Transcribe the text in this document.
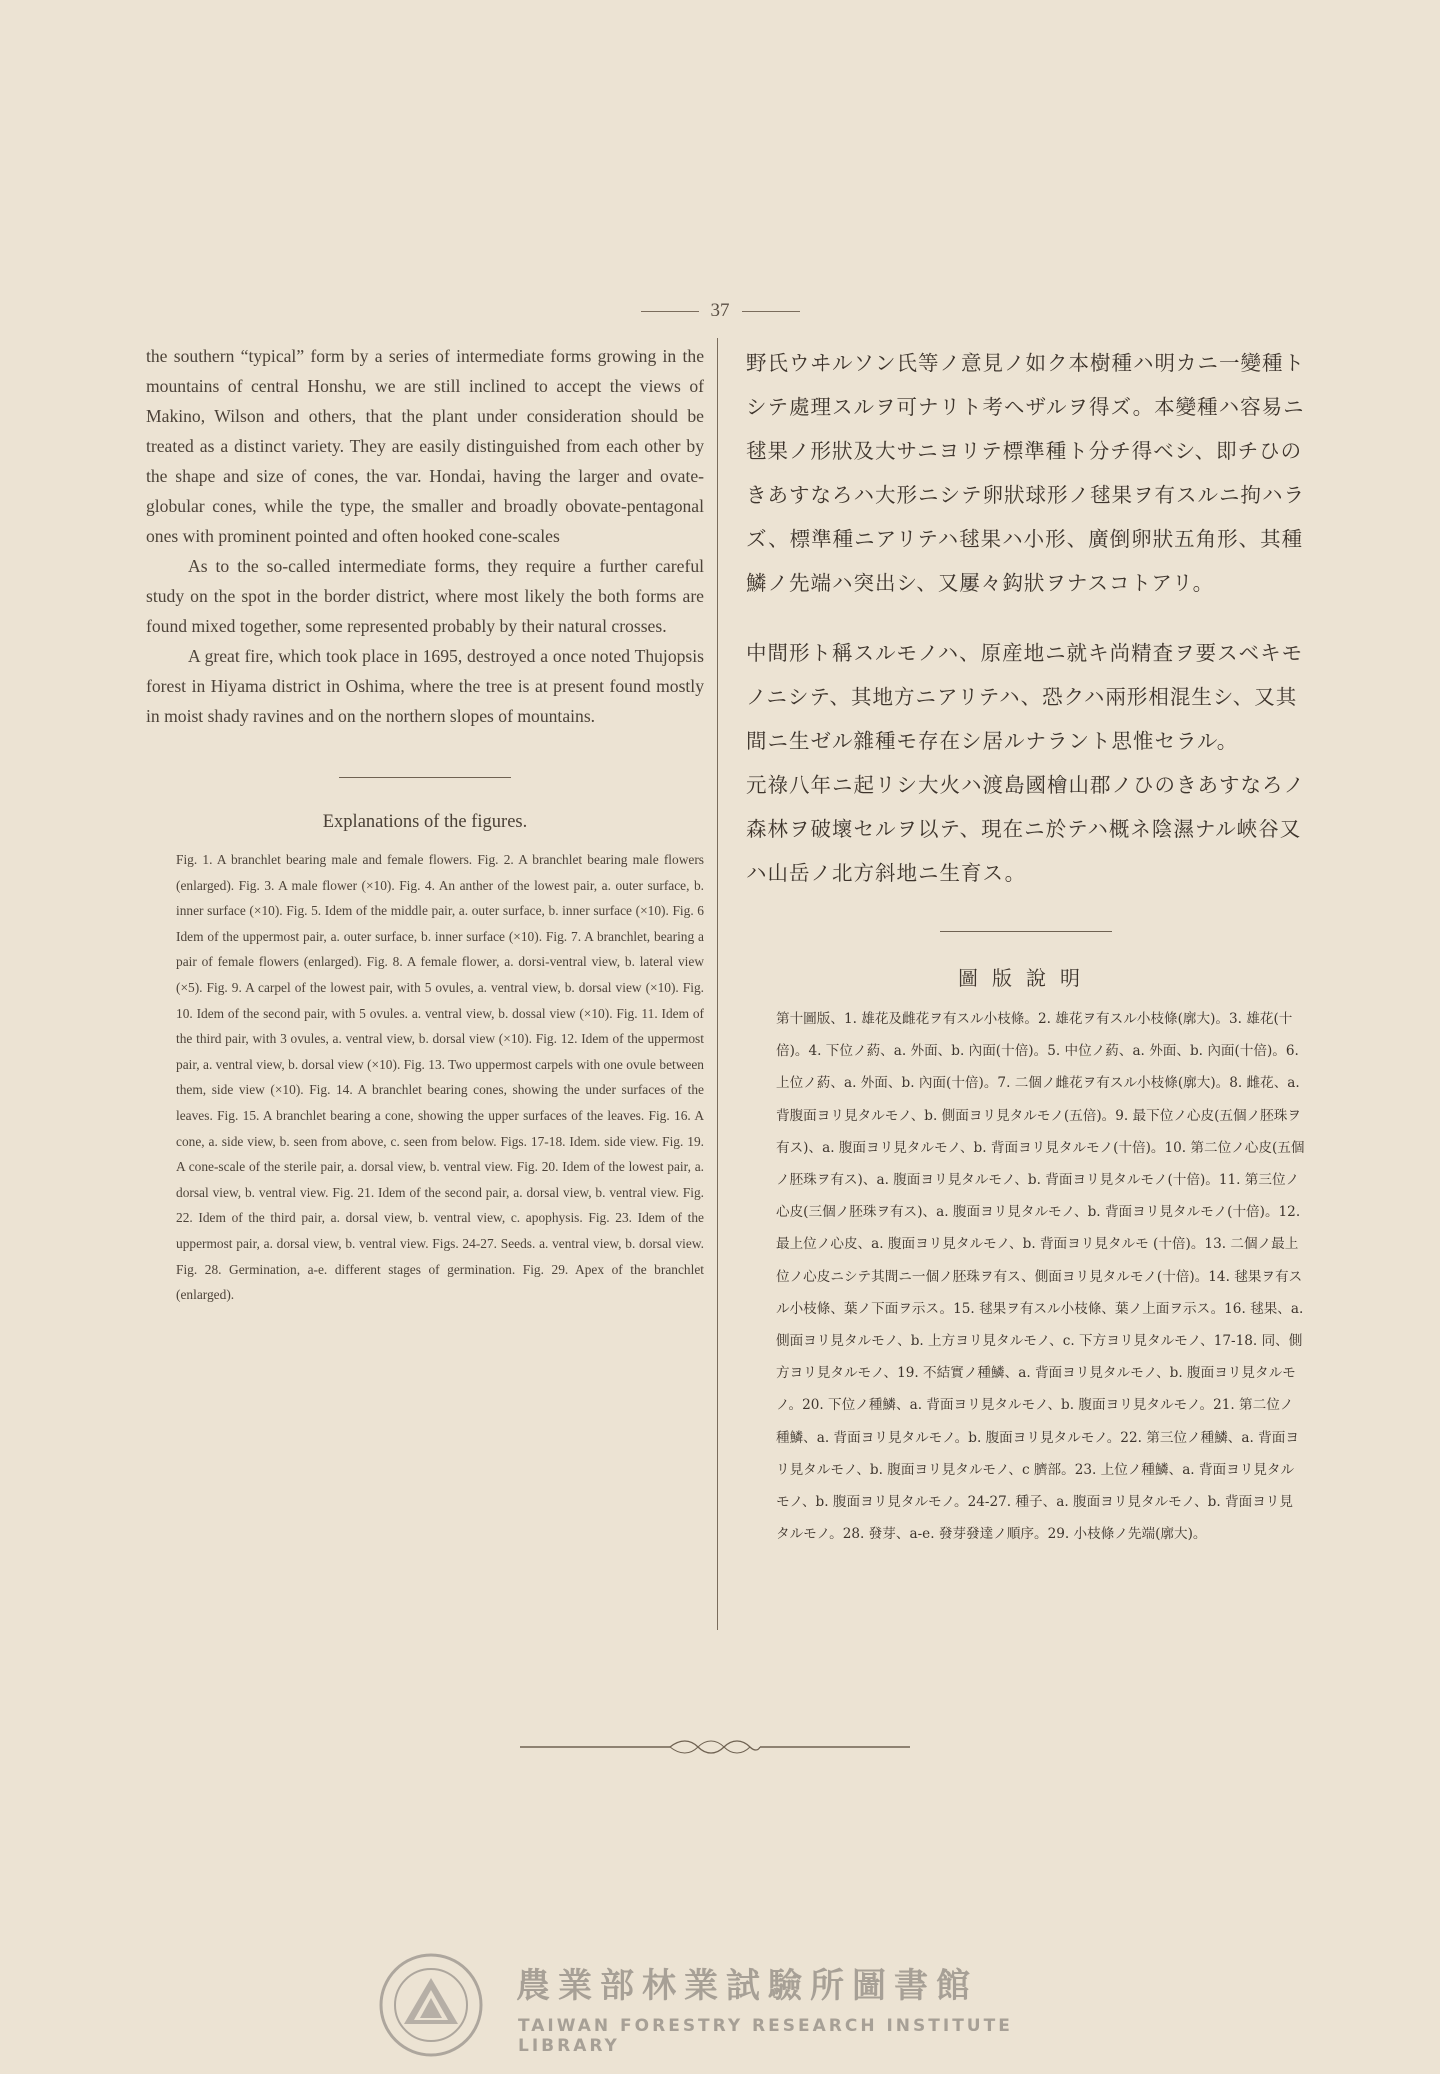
37

the southern “typical” form by a series of intermediate forms growing in the mountains of central Honshu, we are still inclined to accept the views of Makino, Wilson and others, that the plant under consideration should be treated as a distinct variety. They are easily distinguished from each other by the shape and size of cones, the var. Hondai, having the larger and ovate-globular cones, while the type, the smaller and broadly obovate-pentagonal ones with prominent pointed and often hooked cone-scales

As to the so-called intermediate forms, they require a further careful study on the spot in the border district, where most likely the both forms are found mixed together, some represented probably by their natural crosses.

A great fire, which took place in 1695, destroyed a once noted Thujopsis forest in Hiyama district in Oshima, where the tree is at present found mostly in moist shady ravines and on the northern slopes of mountains.

Explanations of the figures.

Fig. 1. A branchlet bearing male and female flowers. Fig. 2. A branchlet bearing male flowers (enlarged). Fig. 3. A male flower (×10). Fig. 4. An anther of the lowest pair, a. outer surface, b. inner surface (×10). Fig. 5. Idem of the middle pair, a. outer surface, b. inner surface (×10). Fig. 6 Idem of the uppermost pair, a. outer surface, b. inner surface (×10). Fig. 7. A branchlet, bearing a pair of female flowers (enlarged). Fig. 8. A female flower, a. dorsi-ventral view, b. lateral view (×5). Fig. 9. A carpel of the lowest pair, with 5 ovules, a. ventral view, b. dorsal view (×10). Fig. 10. Idem of the second pair, with 5 ovules. a. ventral view, b. dossal view (×10). Fig. 11. Idem of the third pair, with 3 ovules, a. ventral view, b. dorsal view (×10). Fig. 12. Idem of the uppermost pair, a. ventral view, b. dorsal view (×10). Fig. 13. Two uppermost carpels with one ovule between them, side view (×10). Fig. 14. A branchlet bearing cones, showing the under surfaces of the leaves. Fig. 15. A branchlet bearing a cone, showing the upper surfaces of the leaves. Fig. 16. A cone, a. side view, b. seen from above, c. seen from below. Figs. 17-18. Idem. side view. Fig. 19. A cone-scale of the sterile pair, a. dorsal view, b. ventral view. Fig. 20. Idem of the lowest pair, a. dorsal view, b. ventral view. Fig. 21. Idem of the second pair, a. dorsal view, b. ventral view. Fig. 22. Idem of the third pair, a. dorsal view, b. ventral view, c. apophysis. Fig. 23. Idem of the uppermost pair, a. dorsal view, b. ventral view. Figs. 24-27. Seeds. a. ventral view, b. dorsal view. Fig. 28. Germination, a-e. different stages of germination. Fig. 29. Apex of the branchlet (enlarged).

野氏ウヰルソン氏等ノ意見ノ如ク本樹種ハ明カニ一變種トシテ處理スルヲ可ナリト考ヘザルヲ得ズ。本變種ハ容易ニ毬果ノ形狀及大サニヨリテ標準種ト分チ得ベシ、即チひのきあすなろハ大形ニシテ卵狀球形ノ毬果ヲ有スルニ拘ハラズ、標準種ニアリテハ毬果ハ小形、廣倒卵狀五角形、其種鱗ノ先端ハ突出シ、又屢々鈎狀ヲナスコトアリ。

中間形ト稱スルモノハ、原産地ニ就キ尚精査ヲ要スベキモノニシテ、其地方ニアリテハ、恐クハ兩形相混生シ、又其間ニ生ゼル雜種モ存在シ居ルナラント思惟セラル。

元祿八年ニ起リシ大火ハ渡島國檜山郡ノひのきあすなろノ森林ヲ破壞セルヲ以テ、現在ニ於テハ概ネ陰濕ナル峽谷又ハ山岳ノ北方斜地ニ生育ス。

圖版說明

第十圖版、1. 雄花及雌花ヲ有スル小枝條。2. 雄花ヲ有スル小枝條(廓大)。3. 雄花(十倍)。4. 下位ノ葯、a. 外面、b. 內面(十倍)。5. 中位ノ葯、a. 外面、b. 內面(十倍)。6. 上位ノ葯、a. 外面、b. 內面(十倍)。7. 二個ノ雌花ヲ有スル小枝條(廓大)。8. 雌花、a. 背腹面ヨリ見タルモノ、b. 側面ヨリ見タルモノ(五倍)。9. 最下位ノ心皮(五個ノ胚珠ヲ有ス)、a. 腹面ヨリ見タルモノ、b. 背面ヨリ見タルモノ(十倍)。10. 第二位ノ心皮(五個ノ胚珠ヲ有ス)、a. 腹面ヨリ見タルモノ、b. 背面ヨリ見タルモノ(十倍)。11. 第三位ノ心皮(三個ノ胚珠ヲ有ス)、a. 腹面ヨリ見タルモノ、b. 背面ヨリ見タルモノ(十倍)。12. 最上位ノ心皮、a. 腹面ヨリ見タルモノ、b. 背面ヨリ見タルモ (十倍)。13. 二個ノ最上位ノ心皮ニシテ其間ニ一個ノ胚珠ヲ有ス、側面ヨリ見タルモノ(十倍)。14. 毬果ヲ有スル小枝條、葉ノ下面ヲ示ス。15. 毬果ヲ有スル小枝條、葉ノ上面ヲ示ス。16. 毬果、a. 側面ヨリ見タルモノ、b. 上方ヨリ見タルモノ、c. 下方ヨリ見タルモノ、17-18. 同、側方ヨリ見タルモノ、19. 不結實ノ種鱗、a. 背面ヨリ見タルモノ、b. 腹面ヨリ見タルモノ。20. 下位ノ種鱗、a. 背面ヨリ見タルモノ、b. 腹面ヨリ見タルモノ。21. 第二位ノ種鱗、a. 背面ヨリ見タルモノ。b. 腹面ヨリ見タルモノ。22. 第三位ノ種鱗、a. 背面ヨリ見タルモノ、b. 腹面ヨリ見タルモノ、c 臍部。23. 上位ノ種鱗、a. 背面ヨリ見タルモノ、b. 腹面ヨリ見タルモノ。24-27. 種子、a. 腹面ヨリ見タルモノ、b. 背面ヨリ見タルモノ。28. 發芽、a-e. 發芽發達ノ順序。29. 小枝條ノ先端(廓大)。

農業部林業試驗所圖書館
TAIWAN FORESTRY RESEARCH INSTITUTE LIBRARY
